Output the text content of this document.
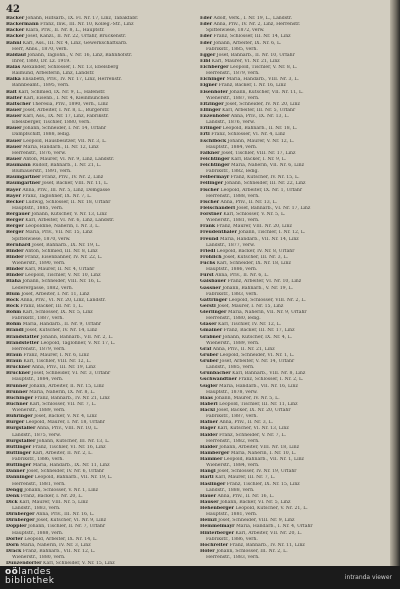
42
Bäcker Johann, Hilfsarb., IX. Fl. Nr. 17, Linz, Tabakfabr.
Bäckermann Franz, Inw., III. Nr. 10, Kolleg.-Str., Linz
Bäcker Klara, Priv., II. Nr. 8, L., Hauptstr.
Bäcker Josef, Kanzl., II. Nr. 22, Urfahr, Brückenstr.
Bahnl Karl, Ass., III. Nr. 4, Linz, Gewerkschaftsarb.
Herr, Ahns., 1870, verh.
Baldauf Johann, Taglöhn., V. Nr. 16, Linz, Bahnhofstr.
Ihrer, 1880, Dr. Lz. 1919.
Balas Alexander, Schlosser, I. Nr. 13, Ebelsberg
Raimund, Arbeiterin, Linz, Landstr.
Balka Elisabeth, Priv., IV. Nr. 17, Linz, Herrenstr.
Bahnbeamt., 1895, verh.
Balt Karl, Schmied, IX. Nr. 9, L., Hafenstr.
Balter Karl, Eisenb., I. Nr. 4, Kleinmünchen
Baltscher Theresia, Priv., 1890, verh., Linz
Bauer Josef, Arbeiter, I. Nr. 8, L., Bürgerstr.
Bauer Karl, Ass., IX. Nr. 17, Linz, Fabrikstr.
Ebelsberger, Tischler, 1880, verh.
Bauer Johann, Schneider, I. Nr. 14, Urfahr
Dampfschiff, 1888, ledig.
Bauer Leopold, Hausbesitzer, VII. Nr. 3, L.
Bauer Maria, Handarb., II. Nr. 12, Linz
Herrenstr., 1876, verw.
Bauer Anton, Maurer, VI. Nr. 9, Linz, Landstr.
Baumann Rudolf, Bahnarb., I. Nr. 21, L.
Blumauerstr., 1891, verh.
Baumgartner Franz, Priv., IV. Nr. 2, Linz
Baumgartner Josef, Bäcker, VIII. Nr. 11, L.
Bayer Anna, Priv., III. Nr. 5, Linz, Domgasse
Bayer Franz, Taglöhner, IX. Nr. 7, L.
Becker Ludwig, Schlosser, II. Nr. 18, Urfahr
Hauptstr., 1885, verh.
Bergauer Johann, Kutscher, V. Nr. 13, Linz
Berger Karl, Arbeiter, VI. Nr. 6, Linz, Landstr.
Berger Leopoldine, Näherin, I. Nr. 3, L.
Berger Maria, Priv., VII. Nr. 15, Linz
Spittelwiese, 1870, verw.
Bernhard Josef, Bahnarb., IX. Nr. 19, L.
Binder Anton, Schmied, III. Nr. 8, Linz
Binder Franz, Eisenbahner, IV. Nr. 22, L.
Wienerstr., 1890, verh.
Binder Karl, Maurer, II. Nr. 4, Urfahr
Binder Leopold, Tischler, V. Nr. 10, Linz
Blaha Johann, Schneider, VIII. Nr. 16, L.
Lederergasse, 1882, verh.
Blum Josef, Arbeiter, I. Nr. 11, Linz
Bock Anna, Priv., VI. Nr. 20, Linz, Landstr.
Böck Franz, Bäcker, III. Nr. 1, L.
Böhm Karl, Schlosser, IX. Nr. 5, Linz
Fabrikstr., 1887, verh.
Böhm Maria, Handarb., II. Nr. 9, Urfahr
Brandl Josef, Kutscher, IV. Nr. 14, Linz
Brandstätter Johann, Bahnarb., VII. Nr. 2, L.
Brandstetter Leopold, Taglöhner, V. Nr. 17, L.
Herrenstr., 1879, verh.
Braun Franz, Maurer, I. Nr. 6, Linz
Braun Karl, Tischler, VIII. Nr. 12, L.
Bruckner Anna, Priv., III. Nr. 19, Linz
Bruckner Josef, Schneider, VI. Nr. 3, Urfahr
Hauptstr., 1884, verh.
Brunner Johann, Arbeiter, II. Nr. 15, Linz
Brunner Maria, Näherin, IX. Nr. 8, L.
Buchinger Franz, Bahnarb., IV. Nr. 21, Linz
Buchner Karl, Schlosser, VII. Nr. 7, L.
Wienerstr., 1889, verh.
Bühringer Josef, Bäcker, V. Nr. 4, Linz
Burger Leopold, Maurer, I. Nr. 18, Urfahr
Burgstaller Anna, Priv., VIII. Nr. 10, L.
Landstr., 1875, verw.
Burgstaller Johann, Kutscher, III. Nr. 13, L.
Buttinger Franz, Tischler, VI. Nr. 16, Linz
Buttinger Karl, Arbeiter, II. Nr. 2, L.
Fabrikstr., 1886, verh.
Buttinger Maria, Handarb., IX. Nr. 11, Linz
Danner Josef, Schneider, IV. Nr. 6, Urfahr
Danninger Leopold, Bahnarb., VII. Nr. 19, L.
Herrenstr., 1881, verh.
Dengg Johann, Schlosser, V. Nr. 1, Linz
Denk Franz, Bäcker, I. Nr. 20, L.
Dick Karl, Maurer, VIII. Nr. 5, Linz
Landstr., 1883, verh.
Dirnberger Anna, Priv., III. Nr. 16, L.
Dirnberger Josef, Kutscher, VI. Nr. 9, Linz
Doppler Johann, Tischler, II. Nr. 7, Urfahr
Hauptstr., 1888, verh.
Dorfer Leopold, Arbeiter, IX. Nr. 14, L.
Dorn Maria, Näherin, IV. Nr. 3, Linz
Drack Franz, Bahnarb., VII. Nr. 12, L.
Wienerstr., 1880, verh.
Dunzendorfer Karl, Schneider, V. Nr. 15, Linz
Eder Adolf, Verk., I. Nr. 19, L., Landstr.
Eder Anna, Priv., IV. Nr. 2, Linz, Herrenstr.
Spittelwiese, 1872, verw.
Eder Franz, Schlosser, III. Nr. 14, Linz
Eder Johann, Arbeiter, IX. Nr. 6, L.
Fabrikstr., 1885, verh.
Egger Josef, Bahnarb., II. Nr. 10, Urfahr
Eibl Karl, Maurer, VI. Nr. 21, Linz
Eichberger Leopold, Tischler, V. Nr. 8, L.
Herrenstr., 1879, verh.
Eichinger Maria, Handarb., VIII. Nr. 3, L.
Eigner Franz, Bäcker, I. Nr. 16, Linz
Eisenhofer Johann, Kutscher, VII. Nr. 11, L.
Wienerstr., 1887, verh.
Eitzinger Josef, Schneider, IV. Nr. 20, Linz
Ellinger Karl, Arbeiter, III. Nr. 5, Urfahr
Enzenhofer Anna, Priv., IX. Nr. 13, L.
Landstr., 1876, verw.
Erlinger Leopold, Bahnarb., II. Nr. 18, L.
Ertl Franz, Schlosser, VI. Nr. 4, Linz
Eschlböck Johann, Maurer, V. Nr. 12, L.
Hauptstr., 1884, verh.
Falkner Josef, Tischler, VIII. Nr. 17, Linz
Feichtinger Karl, Bäcker, I. Nr. 9, L.
Feichtinger Maria, Näherin, VII. Nr. 6, Linz
Fabrikstr., 1882, ledig.
Felbermayr Franz, Kutscher, IV. Nr. 15, L.
Fellinger Johann, Schneider, III. Nr. 22, Linz
Fischer Leopold, Arbeiter, IX. Nr. 1, Urfahr
Herrenstr., 1888, verh.
Fischer Anna, Priv., II. Nr. 13, L.
Fleischanderl Josef, Bahnarb., VI. Nr. 17, Linz
Forstner Karl, Schlosser, V. Nr. 5, L.
Wienerstr., 1881, verh.
Frank Franz, Maurer, VIII. Nr. 20, Linz
Freudenthaler Johann, Tischler, I. Nr. 12, L.
Freund Maria, Handarb., VII. Nr. 14, Linz
Landstr., 1877, verw.
Friedl Leopold, Bäcker, IV. Nr. 8, Urfahr
Fröhlich Josef, Kutscher, III. Nr. 3, L.
Fuchs Karl, Schneider, IX. Nr. 18, Linz
Hauptstr., 1886, verh.
Fürst Anna, Priv., II. Nr. 6, L.
Gaisbauer Franz, Arbeiter, VI. Nr. 10, Linz
Gassner Johann, Bahnarb., V. Nr. 19, L.
Fabrikstr., 1883, verh.
Gattringer Leopold, Schlosser, VIII. Nr. 2, L.
Gerstl Josef, Maurer, I. Nr. 15, Linz
Gierlinger Maria, Näherin, VII. Nr. 9, Urfahr
Herrenstr., 1880, ledig.
Glaser Karl, Tischler, IV. Nr. 12, L.
Gmainer Franz, Bäcker, III. Nr. 17, Linz
Grabner Johann, Kutscher, IX. Nr. 4, L.
Wienerstr., 1889, verh.
Graf Anna, Priv., II. Nr. 21, Linz
Gruber Leopold, Schneider, VI. Nr. 1, L.
Gruber Josef, Arbeiter, V. Nr. 14, Urfahr
Landstr., 1885, verh.
Grünbacher Karl, Bahnarb., VIII. Nr. 8, Linz
Gschwandtner Franz, Schlosser, I. Nr. 2, L.
Gugler Maria, Handarb., VII. Nr. 16, Linz
Hauptstr., 1878, verw.
Haas Johann, Maurer, IV. Nr. 5, L.
Haberl Leopold, Tischler, III. Nr. 11, Linz
Hackl Josef, Bäcker, IX. Nr. 20, Urfahr
Fabrikstr., 1887, verh.
Hafner Anna, Priv., II. Nr. 3, L.
Hager Karl, Kutscher, VI. Nr. 13, Linz
Haider Franz, Schneider, V. Nr. 7, L.
Herrenstr., 1882, verh.
Haider Johann, Arbeiter, VIII. Nr. 18, Linz
Hamberger Maria, Näherin, I. Nr. 10, L.
Hammer Leopold, Bahnarb., VII. Nr. 1, Linz
Wienerstr., 1884, verh.
Hangl Josef, Schlosser, IV. Nr. 19, Urfahr
Hartl Karl, Maurer, III. Nr. 7, L.
Haslinger Franz, Tischler, IX. Nr. 15, Linz
Landstr., 1888, verh.
Hauer Anna, Priv., II. Nr. 16, L.
Hauser Johann, Bäcker, VI. Nr. 5, Linz
Hehenberger Leopold, Kutscher, V. Nr. 21, L.
Hauptstr., 1881, verh.
Heinzl Josef, Schneider, VIII. Nr. 9, Linz
Hemmelmayr Maria, Handarb., I. Nr. 4, Urfahr
Hinterberger Karl, Arbeiter, VII. Nr. 20, L.
Fabrikstr., 1886, verh.
Hochreiter Franz, Bahnarb., IV. Nr. 11, Linz
Höfer Johann, Schlosser, III. Nr. 2, L.
Herrenstr., 1883, verh.
oölandes
bibliothek	intranda viewer
